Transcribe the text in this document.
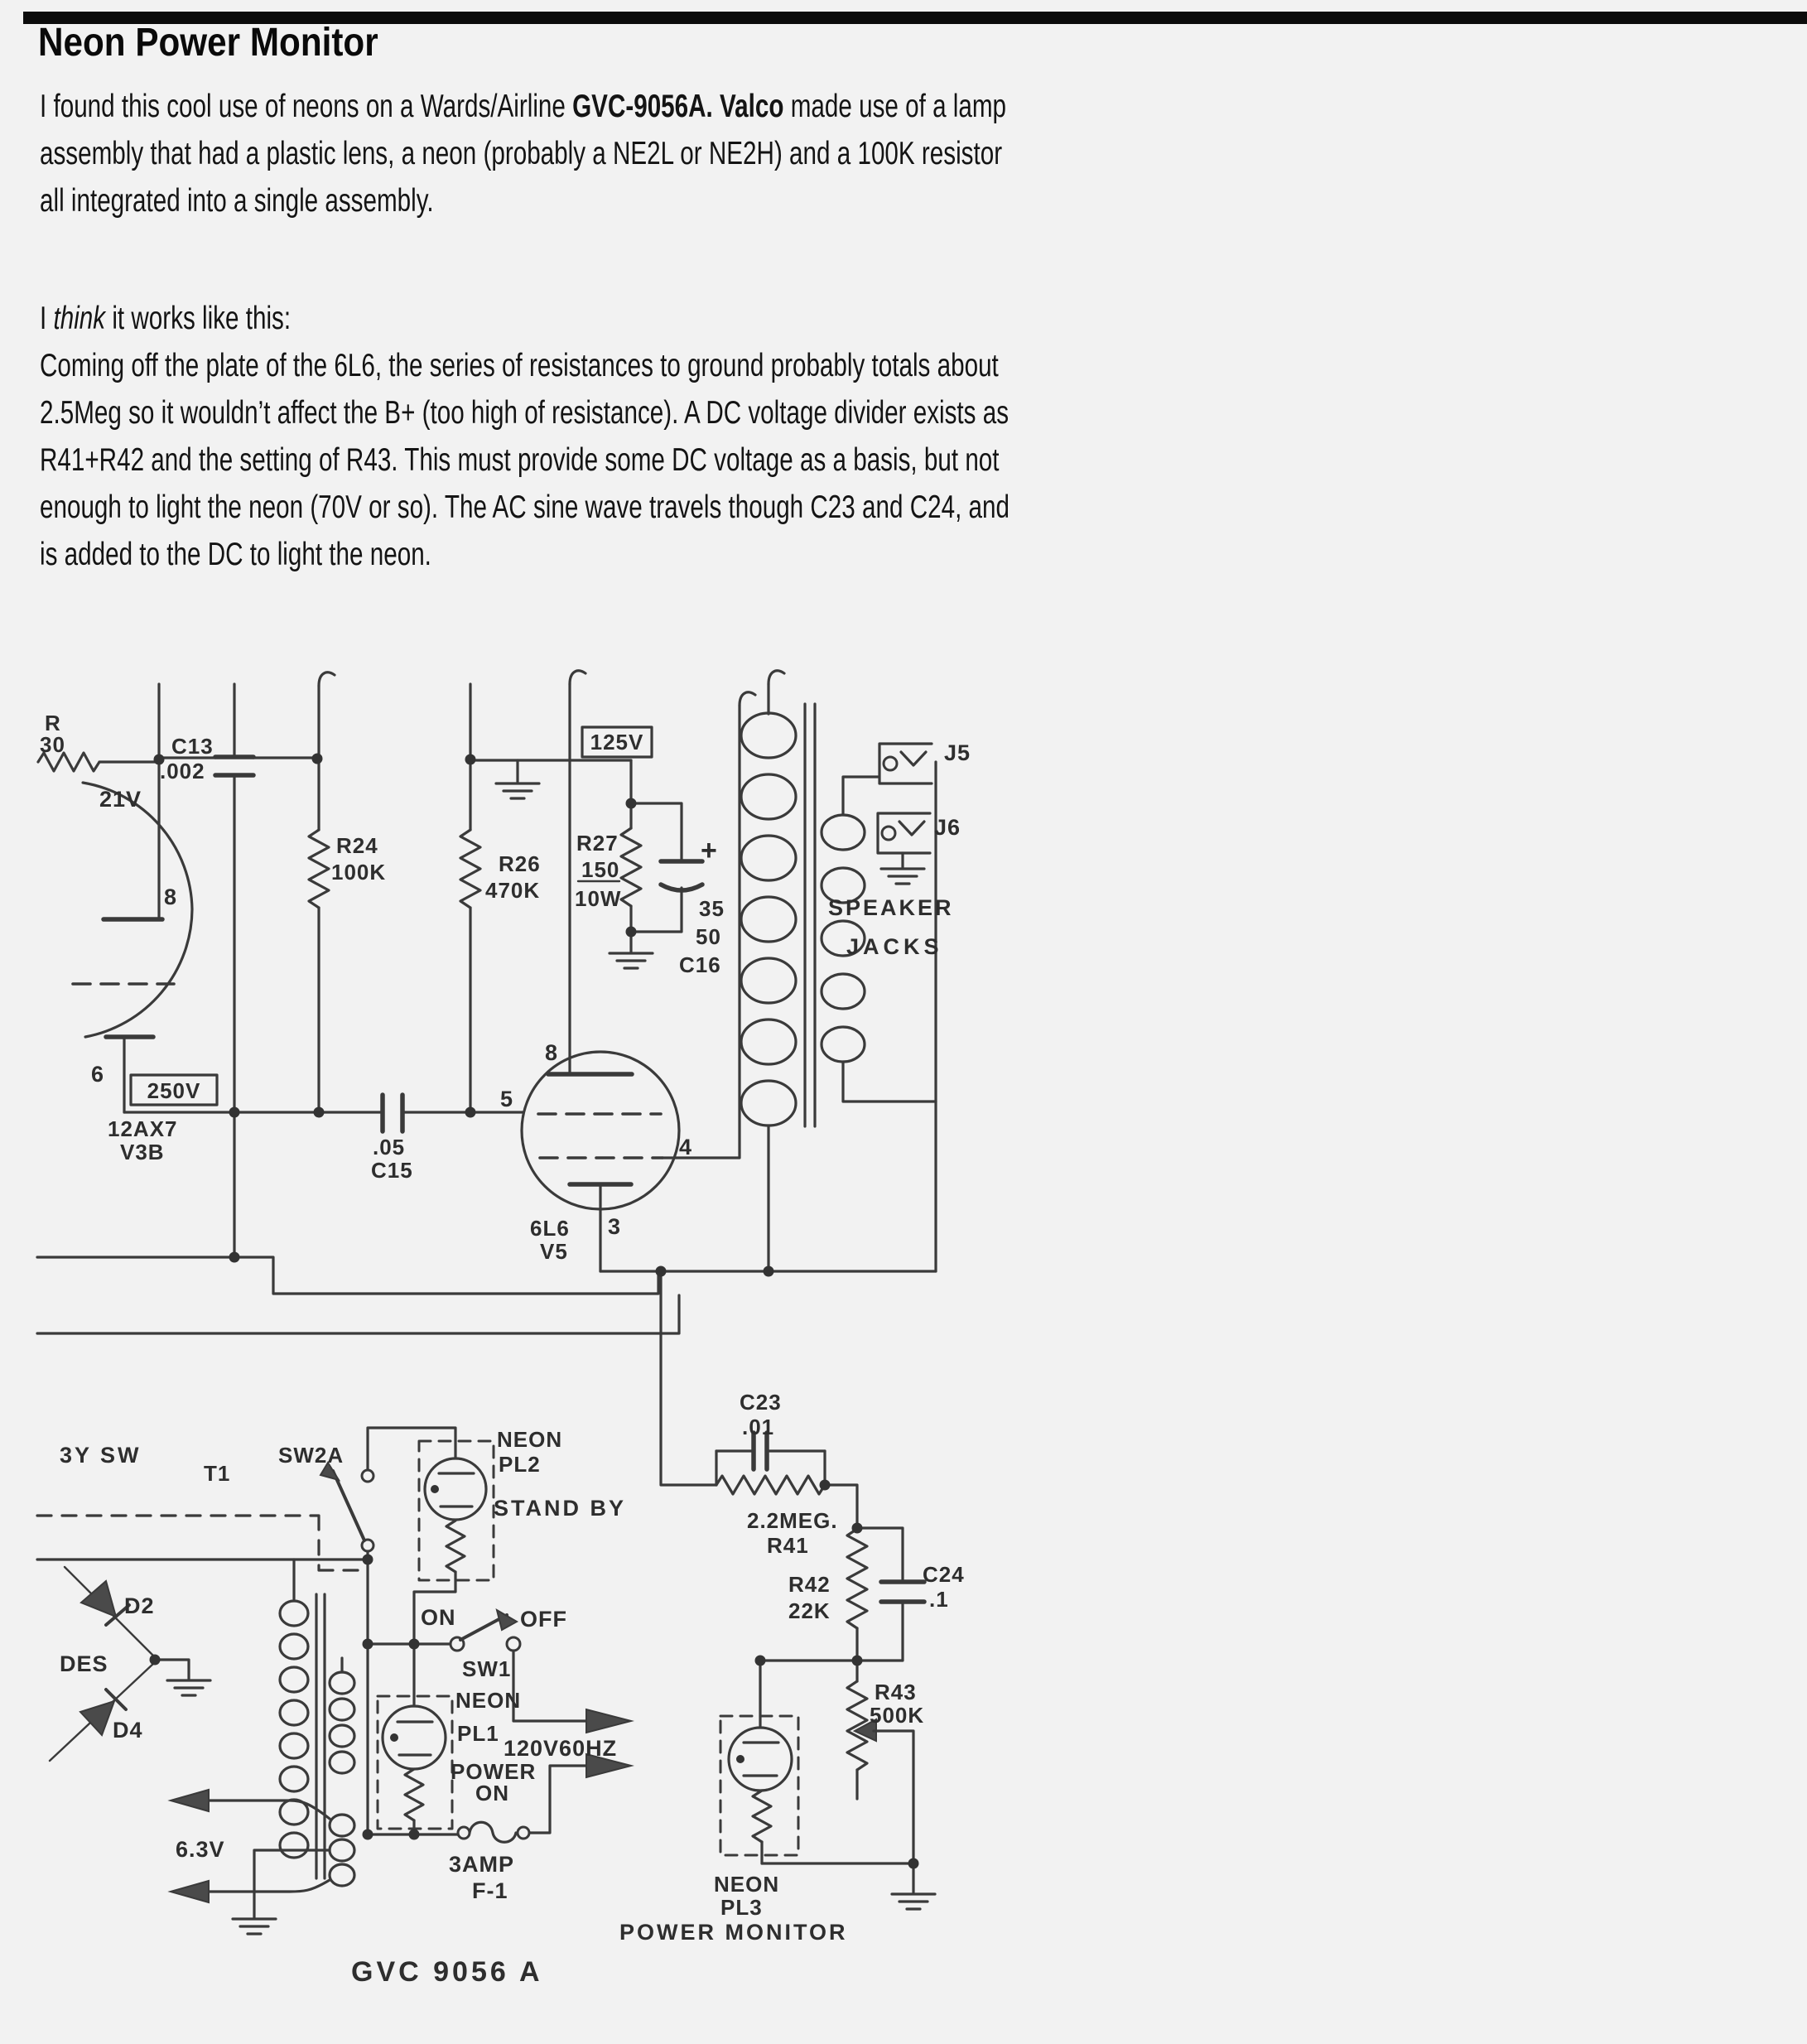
Neon Power Monitor
I found this cool use of neons on a Wards/Airline GVC-9056A. Valco made use of a lamp
assembly that had a plastic lens, a neon (probably a NE2L or NE2H) and a 100K resistor
all integrated into a single assembly.
I think it works like this:
Coming off the plate of the 6L6, the series of resistances to ground probably totals about
2.5Meg so it wouldn’t affect the B+ (too high of resistance). A DC voltage divider exists as
R41+R42 and the setting of R43. This must provide some DC voltage as a basis, but not
enough to light the neon (70V or so). The AC sine wave travels though C23 and C24, and
is added to the DC to light the neon.
R
30	C13
.002
21V
8
250V
12AX7
V3B
6
R24
100K	R26
470K
R27
150
10W
125V
+
35
50
C16
J5
J6
SPEAKER
JACKS
.05
C15
5
8
4
3
6L6
V5
3Y SW
T1
SW2A
NEON
PL2
STAND BY
ON	OFF
SW1
NEON
PL1
120V60HZ
POWER
ON
3AMP
F-1
GVC 9056 A
6.3V
D2
D4
DES
C23
.01
2.2MEG.
R41
R42
22K
C24
.1
R43
500K
NEON
PL3
POWER MONITOR
